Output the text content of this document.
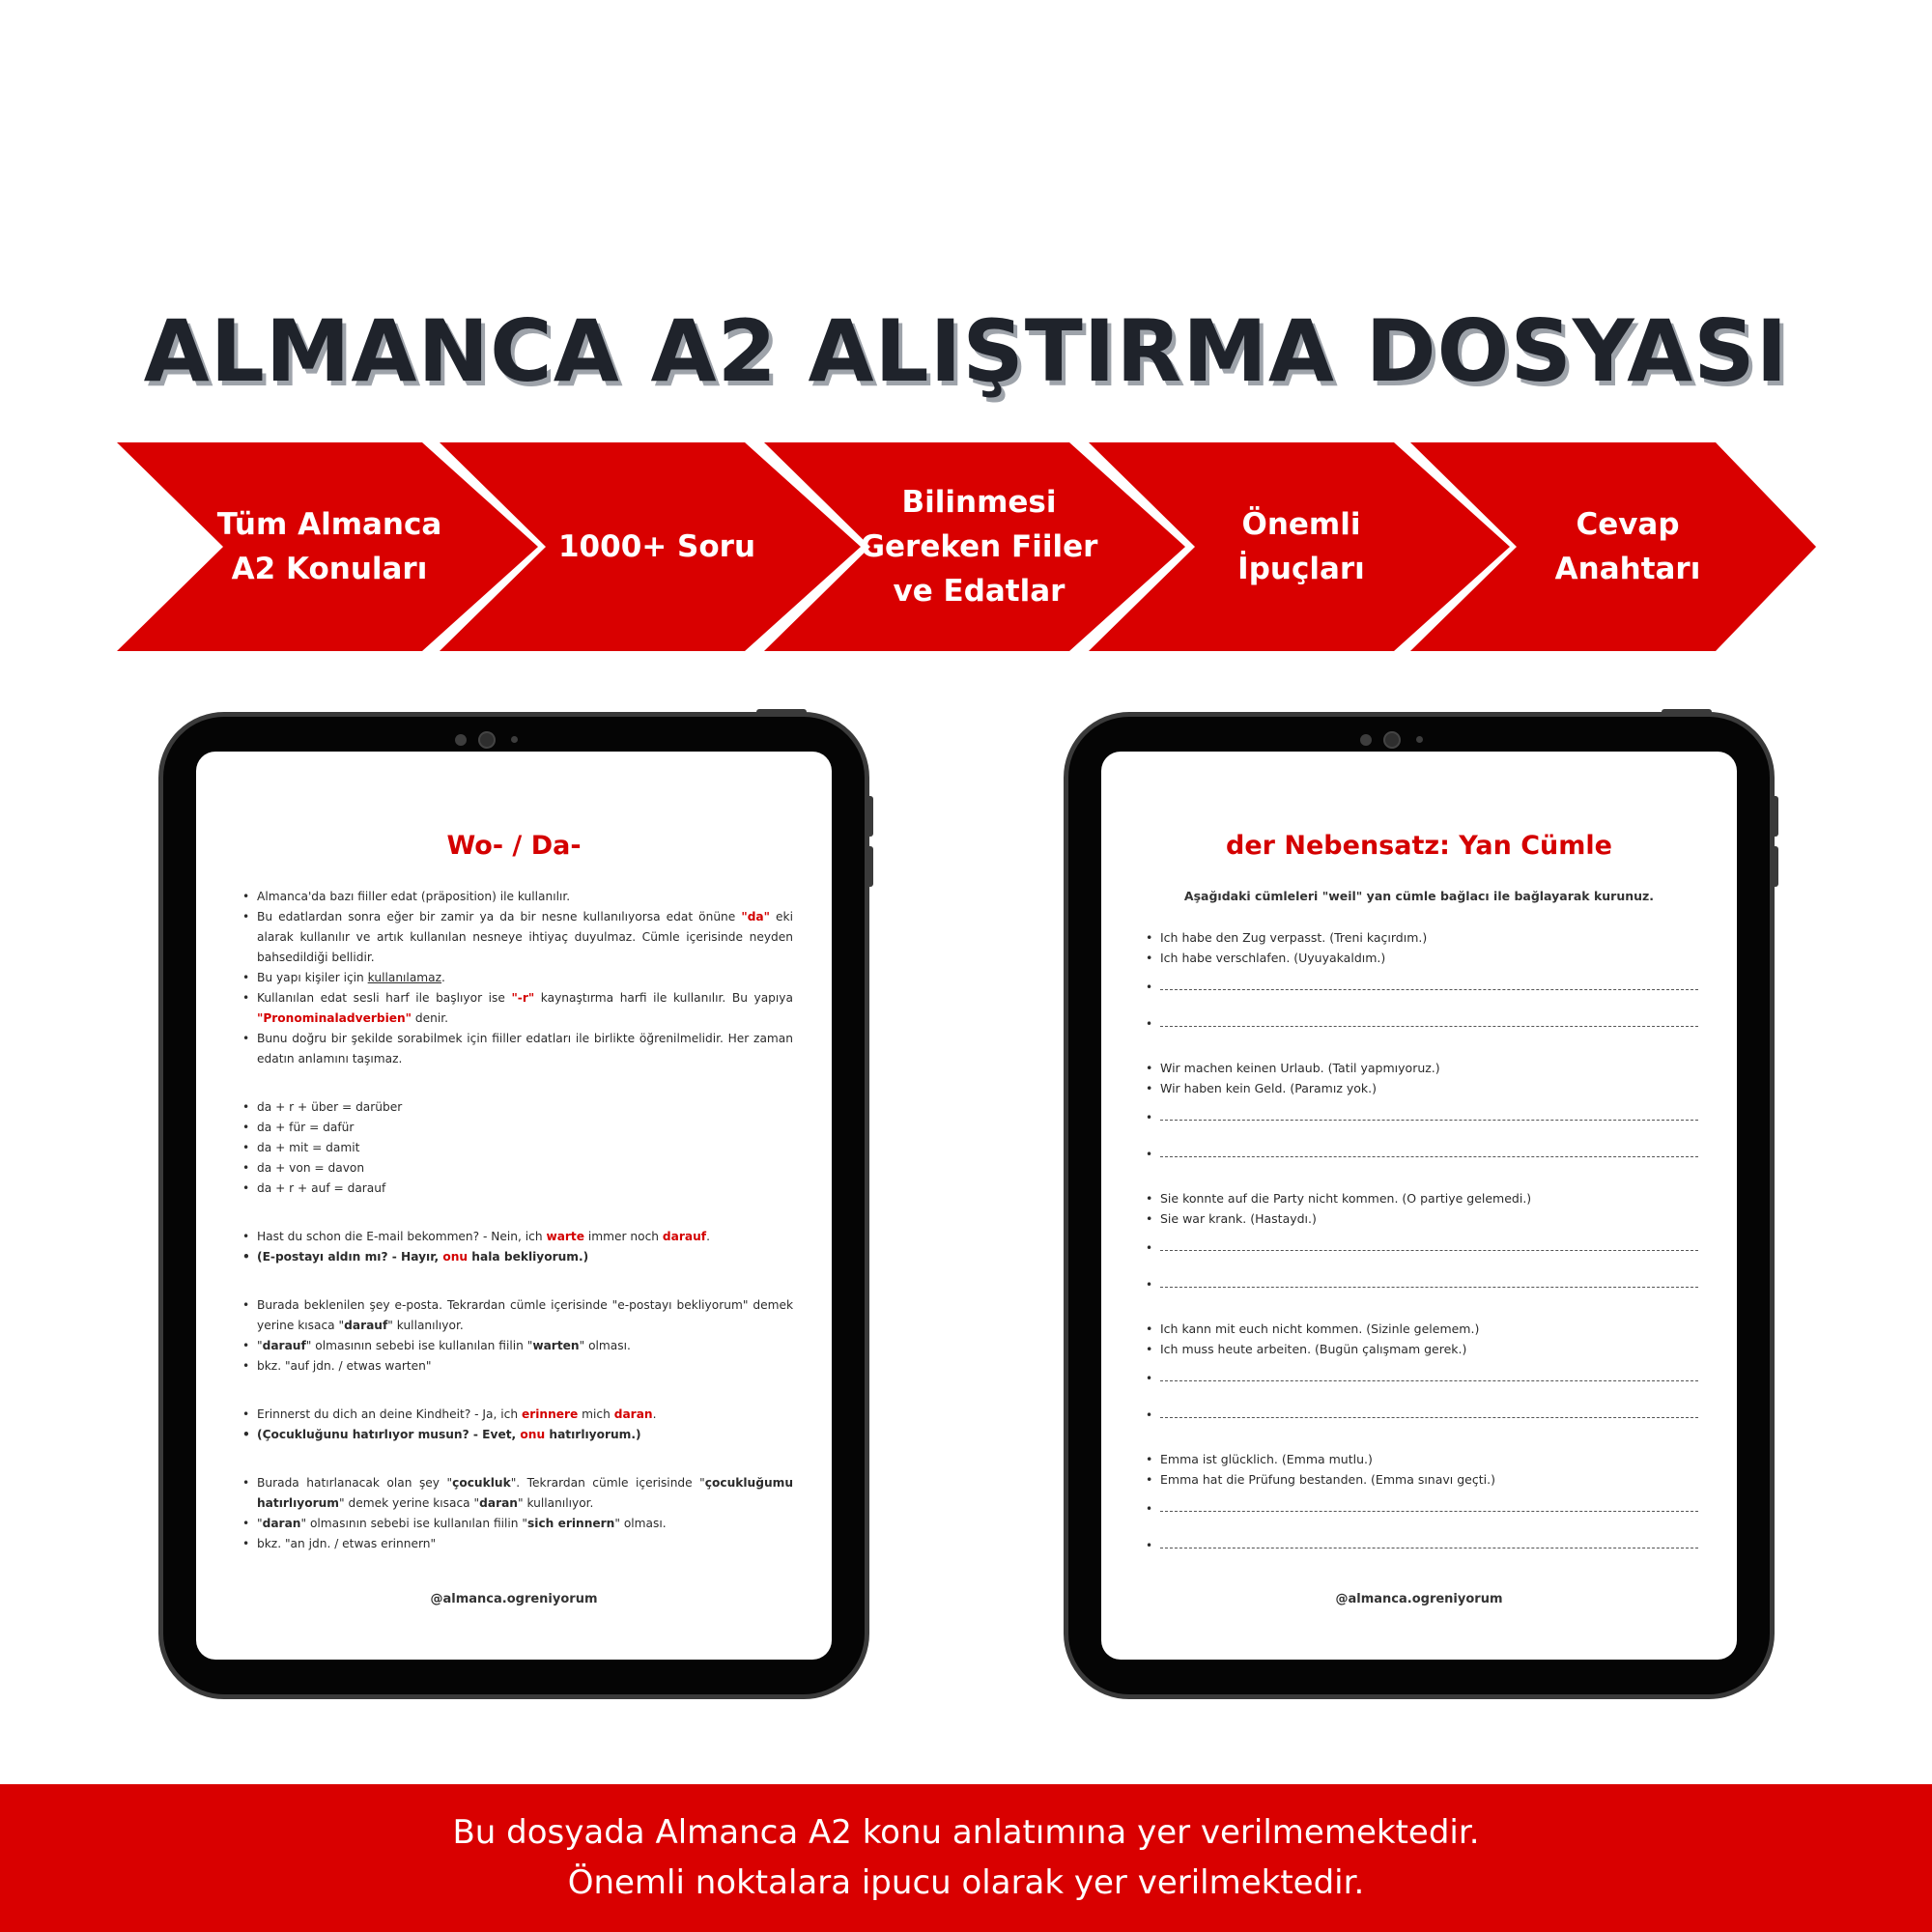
ALMANCA A2 ALIŞTIRMA DOSYASI
Tüm Almanca
A2 Konuları
1000+ Soru
Bilinmesi
Gereken Fiiler
ve Edatlar
Önemli
İpuçları
Cevap
Anahtarı
Wo- / Da-
• Almanca'da bazı fiiller edat (präposition) ile kullanılır.
• Bu edatlardan sonra eğer bir zamir ya da bir nesne kullanılıyorsa edat önüne "da" eki alarak kullanılır ve artık kullanılan nesneye ihtiyaç duyulmaz. Cümle içerisinde neyden bahsedildiği bellidir.
• Bu yapı kişiler için kullanılamaz.
• Kullanılan edat sesli harf ile başlıyor ise "-r" kaynaştırma harfi ile kullanılır. Bu yapıya "Pronominaladverbien" denir.
• Bunu doğru bir şekilde sorabilmek için fiiller edatları ile birlikte öğrenilmelidir. Her zaman edatın anlamını taşımaz.
• da + r + über = darüber
• da + für = dafür
• da + mit = damit
• da + von = davon
• da + r + auf = darauf
• Hast du schon die E-mail bekommen? - Nein, ich warte immer noch darauf.
• (E-postayı aldın mı? - Hayır, onu hala bekliyorum.)
• Burada beklenilen şey e-posta. Tekrardan cümle içerisinde "e-postayı bekliyorum" demek yerine kısaca "darauf" kullanılıyor.
• "darauf" olmasının sebebi ise kullanılan fiilin "warten" olması.
• bkz. "auf jdn. / etwas warten"
• Erinnerst du dich an deine Kindheit? - Ja, ich erinnere mich daran.
• (Çocukluğunu hatırlıyor musun? - Evet, onu hatırlıyorum.)
• Burada hatırlanacak olan şey "çocukluk". Tekrardan cümle içerisinde "çocukluğumu hatırlıyorum" demek yerine kısaca "daran" kullanılıyor.
• "daran" olmasının sebebi ise kullanılan fiilin "sich erinnern" olması.
• bkz. "an jdn. / etwas erinnern"
@almanca.ogreniyorum
der Nebensatz: Yan Cümle
Aşağıdaki cümleleri "weil" yan cümle bağlacı ile bağlayarak kurunuz.
• Ich habe den Zug verpasst. (Treni kaçırdım.)
• Ich habe verschlafen. (Uyuyakaldım.)
•
•
• Wir machen keinen Urlaub. (Tatil yapmıyoruz.)
• Wir haben kein Geld. (Paramız yok.)
•
•
• Sie konnte auf die Party nicht kommen. (O partiye gelemedi.)
• Sie war krank. (Hastaydı.)
•
•
• Ich kann mit euch nicht kommen. (Sizinle gelemem.)
• Ich muss heute arbeiten. (Bugün çalışmam gerek.)
•
•
• Emma ist glücklich. (Emma mutlu.)
• Emma hat die Prüfung bestanden. (Emma sınavı geçti.)
•
•
@almanca.ogreniyorum
Bu dosyada Almanca A2 konu anlatımına yer verilmemektedir.
Önemli noktalara ipucu olarak yer verilmektedir.
